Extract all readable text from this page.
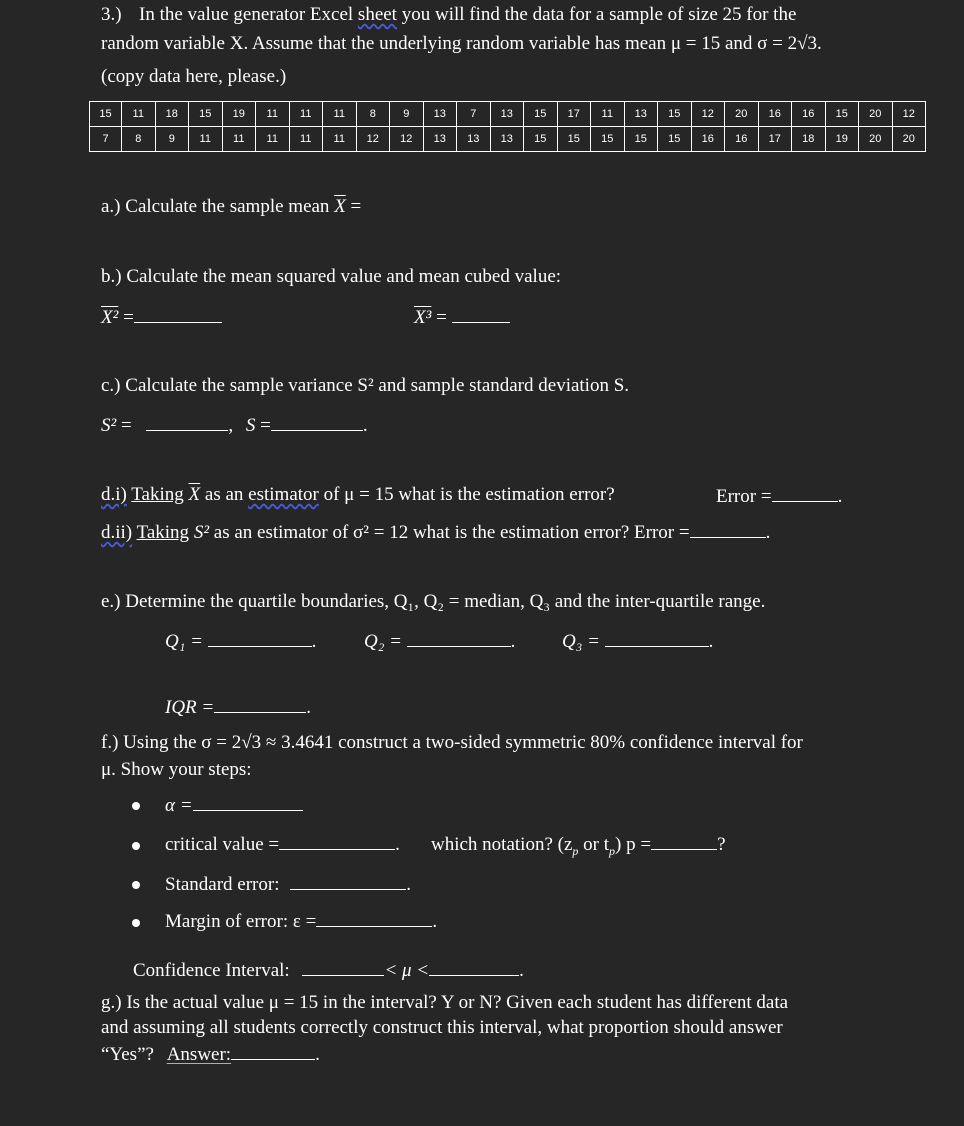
3.) In the value generator Excel sheet you will find the data for a sample of size 25 for the
random variable X. Assume that the underlying random variable has mean μ = 15 and σ = 2√3.
(copy data here, please.)
15	11	18	15	19	11	11	11	8	9	13	7	13	15	17	11	13	15	12	20	16	16	15	20	12
7	8	9	11	11	11	11	11	12	12	13	13	13	15	15	15	15	15	16	16	17	18	19	20	20
a.) Calculate the sample mean $\overline{X}$ =
b.) Calculate the mean squared value and mean cubed value:
X² =	X³ =
c.) Calculate the sample variance S² and sample standard deviation S.
S² =	, S =	.
d.i) Taking $\overline{X}$ as an estimator of μ = 15 what is the estimation error?	Error =	.
d.ii) Taking S² as an estimator of σ² = 12 what is the estimation error? Error =	.
e.) Determine the quartile boundaries, Q₁, Q₂ = median, Q₃ and the inter-quartile range.
Q₁ =	.	Q₂ =	. Q₃ =	.
IQR =	.
f.) Using the σ = 2√3 ≈ 3.4641 construct a two-sided symmetric 80% confidence interval for
μ. Show your steps:
α =
critical value =	. which notation? ($z_p$ or $t_p$) p =	?
Standard error:	.
Margin of error: ε =	.
Confidence Interval:	< μ <	.
g.) Is the actual value μ = 15 in the interval? Y or N? Given each student has different data
and assuming all students correctly construct this interval, what proportion should answer
“Yes”? Answer:	.
